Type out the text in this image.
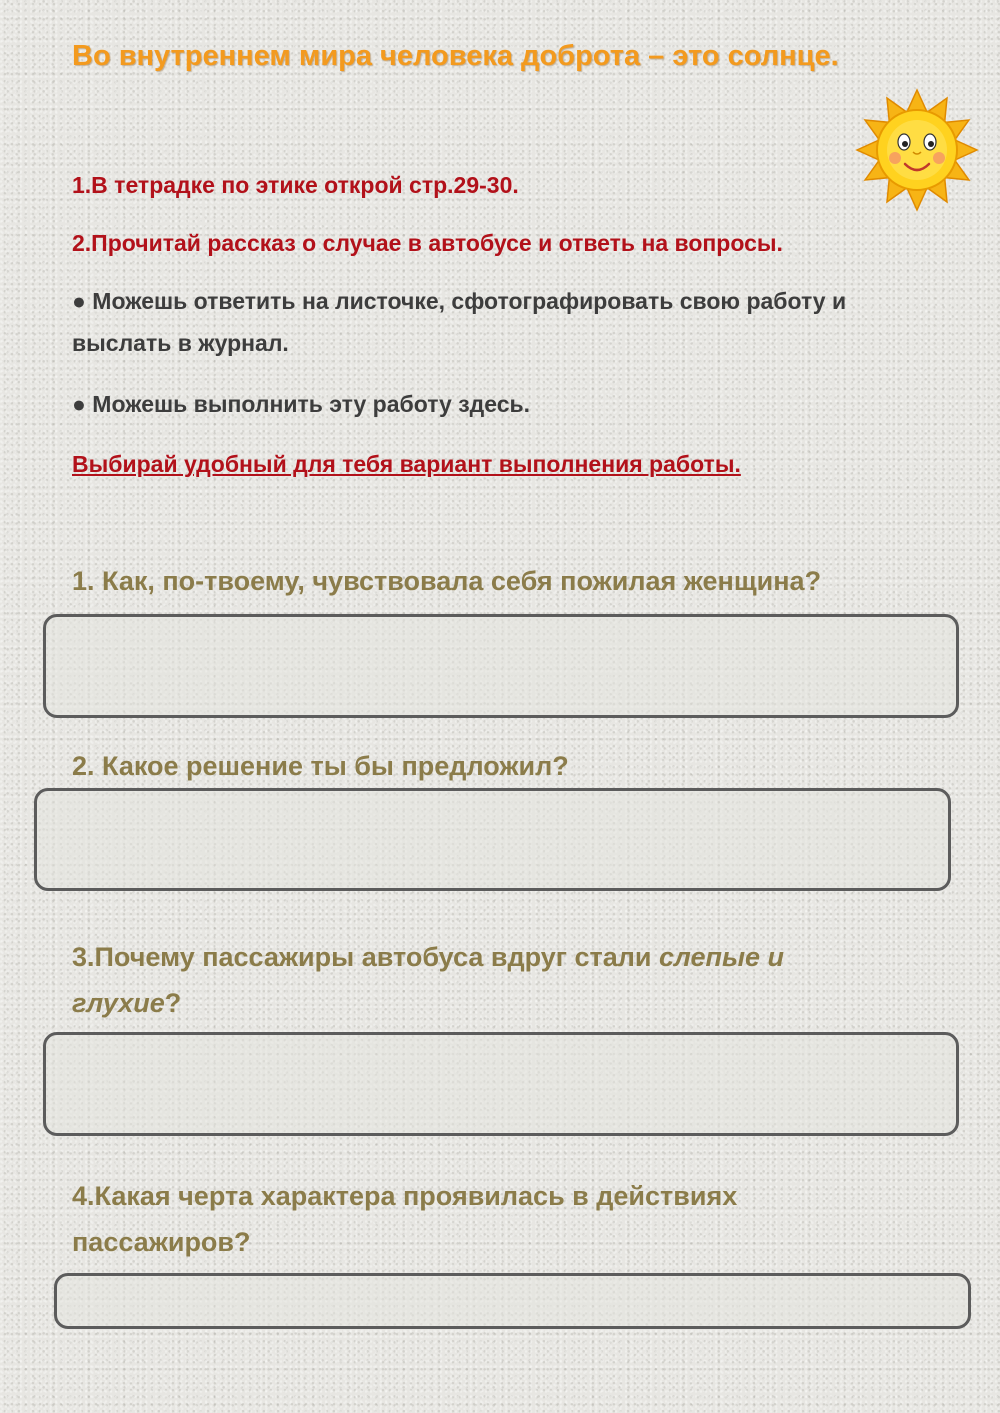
Во внутреннем мира человека доброта – это солнце.

1.В тетрадке по этике открой стр.29-30.

2.Прочитай рассказ о случае в автобусе и ответь на вопросы.

● Можешь ответить на листочке, сфотографировать свою работу и выслать в журнал.

● Можешь выполнить эту работу здесь.

Выбирай удобный для тебя вариант выполнения работы.

1. Как, по-твоему, чувствовала себя пожилая женщина?

2. Какое решение ты бы предложил?

3.Почему пассажиры автобуса вдруг стали слепые и
глухие?

4.Какая черта характера проявилась в действиях пассажиров?
